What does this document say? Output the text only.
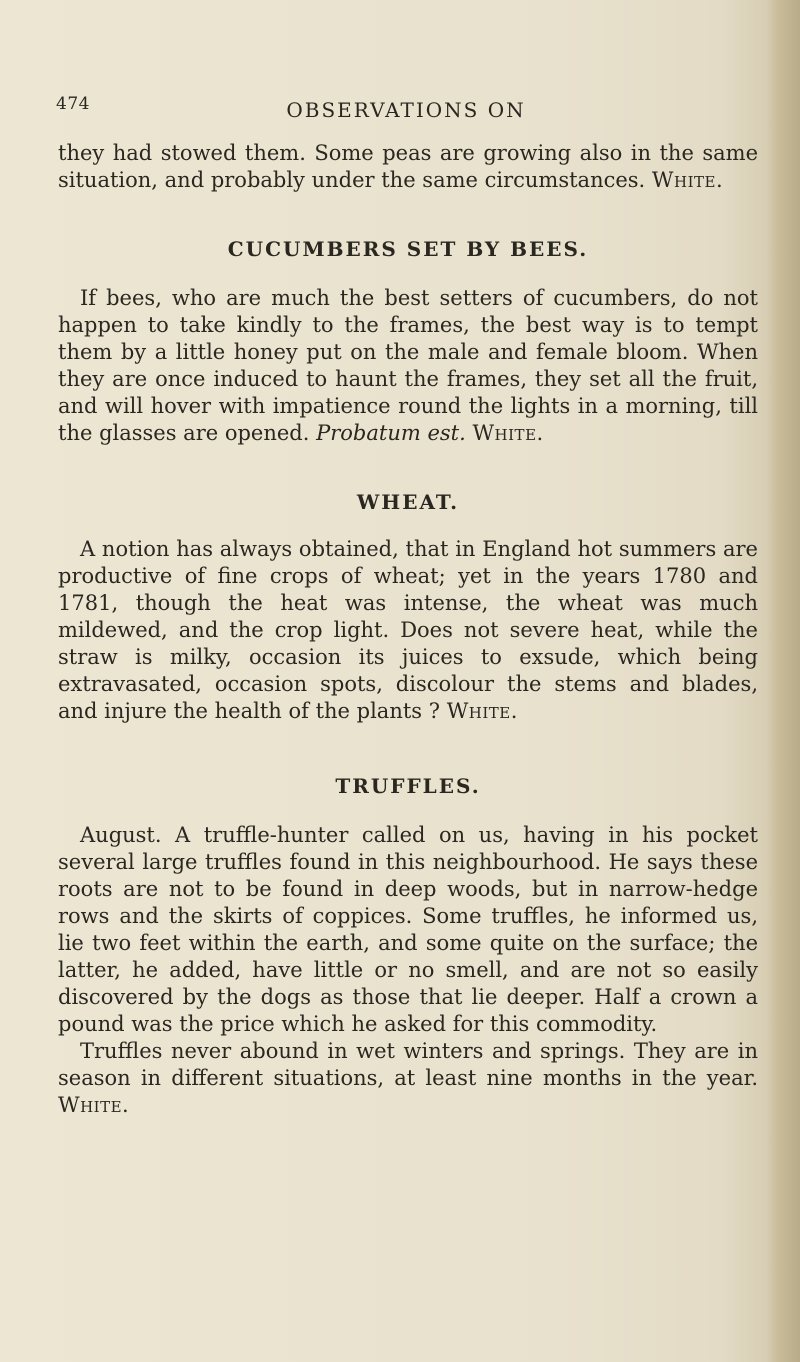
474	OBSERVATIONS ON

they had stowed them. Some peas are growing also in the same situation, and probably under the same circumstances. White.

CUCUMBERS SET BY BEES.

If bees, who are much the best setters of cucumbers, do not happen to take kindly to the frames, the best way is to tempt them by a little honey put on the male and female bloom. When they are once induced to haunt the frames, they set all the fruit, and will hover with impatience round the lights in a morning, till the glasses are opened. Probatum est. White.

WHEAT.

A notion has always obtained, that in England hot summers are productive of fine crops of wheat; yet in the years 1780 and 1781, though the heat was intense, the wheat was much mildewed, and the crop light. Does not severe heat, while the straw is milky, occasion its juices to exsude, which being extravasated, occasion spots, discolour the stems and blades, and injure the health of the plants ? White.

TRUFFLES.

August. A truffle-hunter called on us, having in his pocket several large truffles found in this neighbourhood. He says these roots are not to be found in deep woods, but in narrow-hedge rows and the skirts of coppices. Some truffles, he informed us, lie two feet within the earth, and some quite on the surface; the latter, he added, have little or no smell, and are not so easily discovered by the dogs as those that lie deeper. Half a crown a pound was the price which he asked for this commodity.

Truffles never abound in wet winters and springs. They are in season in different situations, at least nine months in the year. White.
